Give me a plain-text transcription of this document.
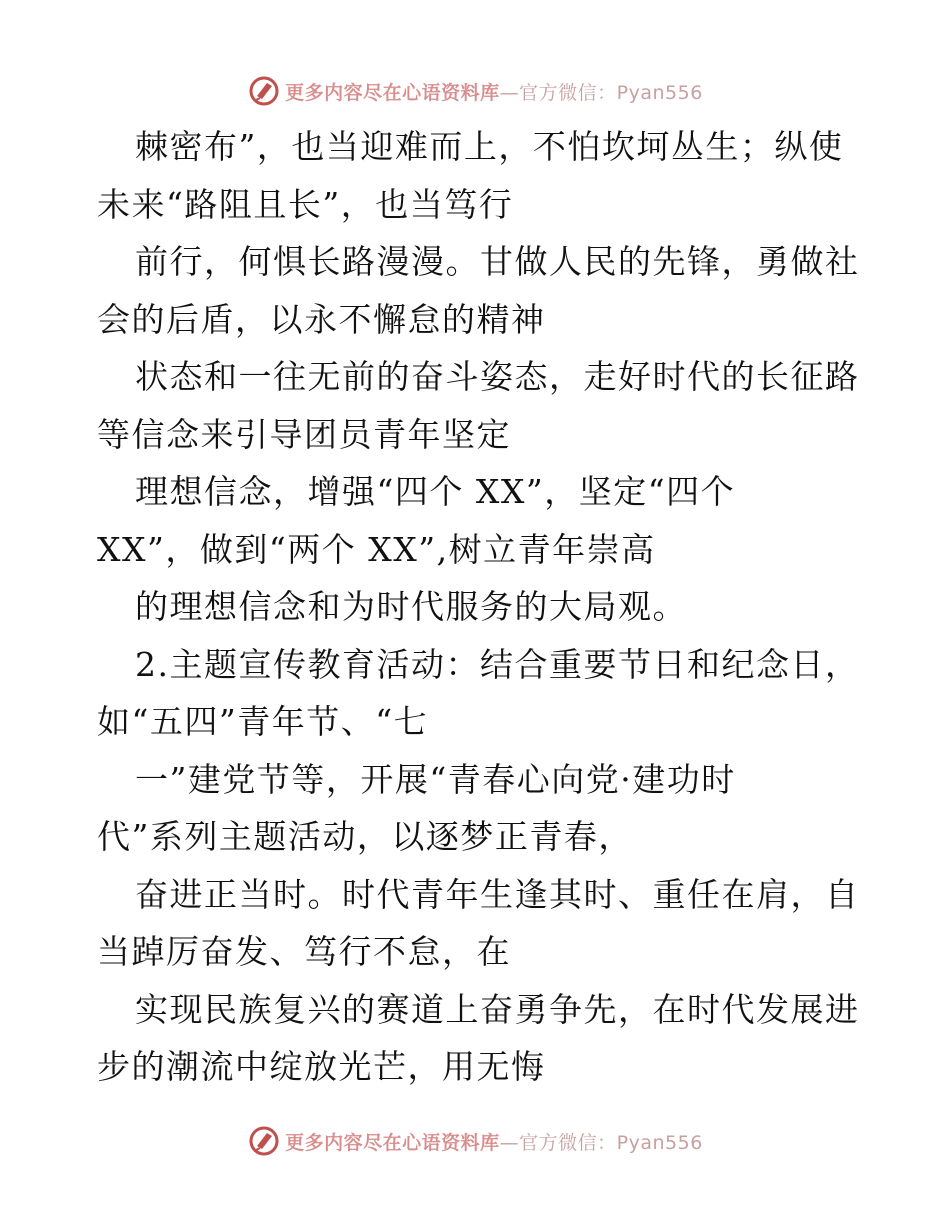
更多内容尽在心语资料库 —官方微信：Pyan556
棘密布”，也当迎难而上，不怕坎坷丛生；纵使
未来“路阻且长”，也当笃行
前行，何惧长路漫漫。甘做人民的先锋，勇做社
会的后盾，以永不懈怠的精神
状态和一往无前的奋斗姿态，走好时代的长征路
等信念来引导团员青年坚定
理想信念，增强“四个 XX”，坚定“四个
XX”，做到“两个 XX”,树立青年崇高
的理想信念和为时代服务的大局观。
2.主题宣传教育活动：结合重要节日和纪念日，
如“五四”青年节、“七
一”建党节等，开展“青春心向党·建功时
代”系列主题活动，以逐梦正青春，
奋进正当时。时代青年生逢其时、重任在肩，自
当踔厉奋发、笃行不怠，在
实现民族复兴的赛道上奋勇争先，在时代发展进
步的潮流中绽放光芒，用无悔
更多内容尽在心语资料库 —官方微信：Pyan556
